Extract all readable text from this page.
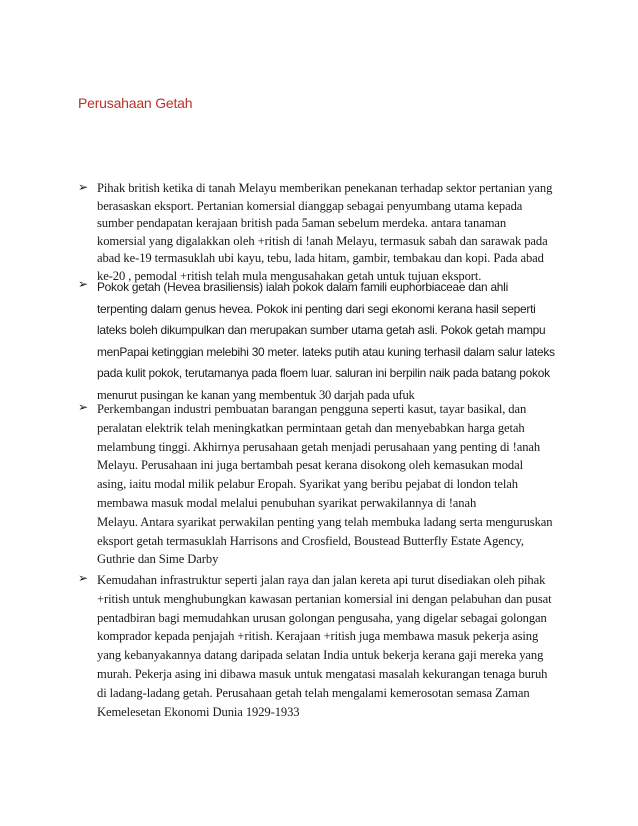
Perusahaan Getah
➢ Pihak british ketika di tanah Melayu memberikan penekanan terhadap sektor pertanian yang
berasaskan eksport. Pertanian komersial dianggap sebagai penyumbang utama kepada
sumber pendapatan kerajaan british pada 5aman sebelum merdeka. antara tanaman
komersial yang digalakkan oleh +ritish di !anah Melayu, termasuk sabah dan sarawak pada
abad ke-19 termasuklah ubi kayu, tebu, lada hitam, gambir, tembakau dan kopi. Pada abad
ke-20 , pemodal +ritish telah mula mengusahakan getah untuk tujuan eksport.
➢ Pokok getah (Hevea brasiliensis) ialah pokok dalam famili euphorbiaceae dan ahli
terpenting dalam genus hevea. Pokok ini penting dari segi ekonomi kerana hasil seperti
lateks boleh dikumpulkan dan merupakan sumber utama getah asli. Pokok getah mampu
menPapai ketinggian melebihi 30 meter. lateks putih atau kuning terhasil dalam salur lateks
pada kulit pokok, terutamanya pada floem luar. saluran ini berpilin naik pada batang pokok
menurut pusingan ke kanan yang membentuk 30 darjah pada ufuk
➢ Perkembangan industri pembuatan barangan pengguna seperti kasut, tayar basikal, dan
peralatan elektrik telah meningkatkan permintaan getah dan menyebabkan harga getah
melambung tinggi. Akhirnya perusahaan getah menjadi perusahaan yang penting di !anah
Melayu. Perusahaan ini juga bertambah pesat kerana disokong oleh kemasukan modal
asing, iaitu modal milik pelabur Eropah. Syarikat yang beribu pejabat di london telah
membawa masuk modal melalui penubuhan syarikat perwakilannya di !anah
Melayu. Antara syarikat perwakilan penting yang telah membuka ladang serta menguruskan
eksport getah termasuklah Harrisons and Crosfield, Boustead Butterfly Estate Agency,
Guthrie dan Sime Darby
➢ Kemudahan infrastruktur seperti jalan raya dan jalan kereta api turut disediakan oleh pihak
+ritish untuk menghubungkan kawasan pertanian komersial ini dengan pelabuhan dan pusat
pentadbiran bagi memudahkan urusan golongan pengusaha, yang digelar sebagai golongan
komprador kepada penjajah +ritish. Kerajaan +ritish juga membawa masuk pekerja asing
yang kebanyakannya datang daripada selatan India untuk bekerja kerana gaji mereka yang
murah. Pekerja asing ini dibawa masuk untuk mengatasi masalah kekurangan tenaga buruh
di ladang-ladang getah. Perusahaan getah telah mengalami kemerosotan semasa Zaman
Kemelesetan Ekonomi Dunia 1929-1933
